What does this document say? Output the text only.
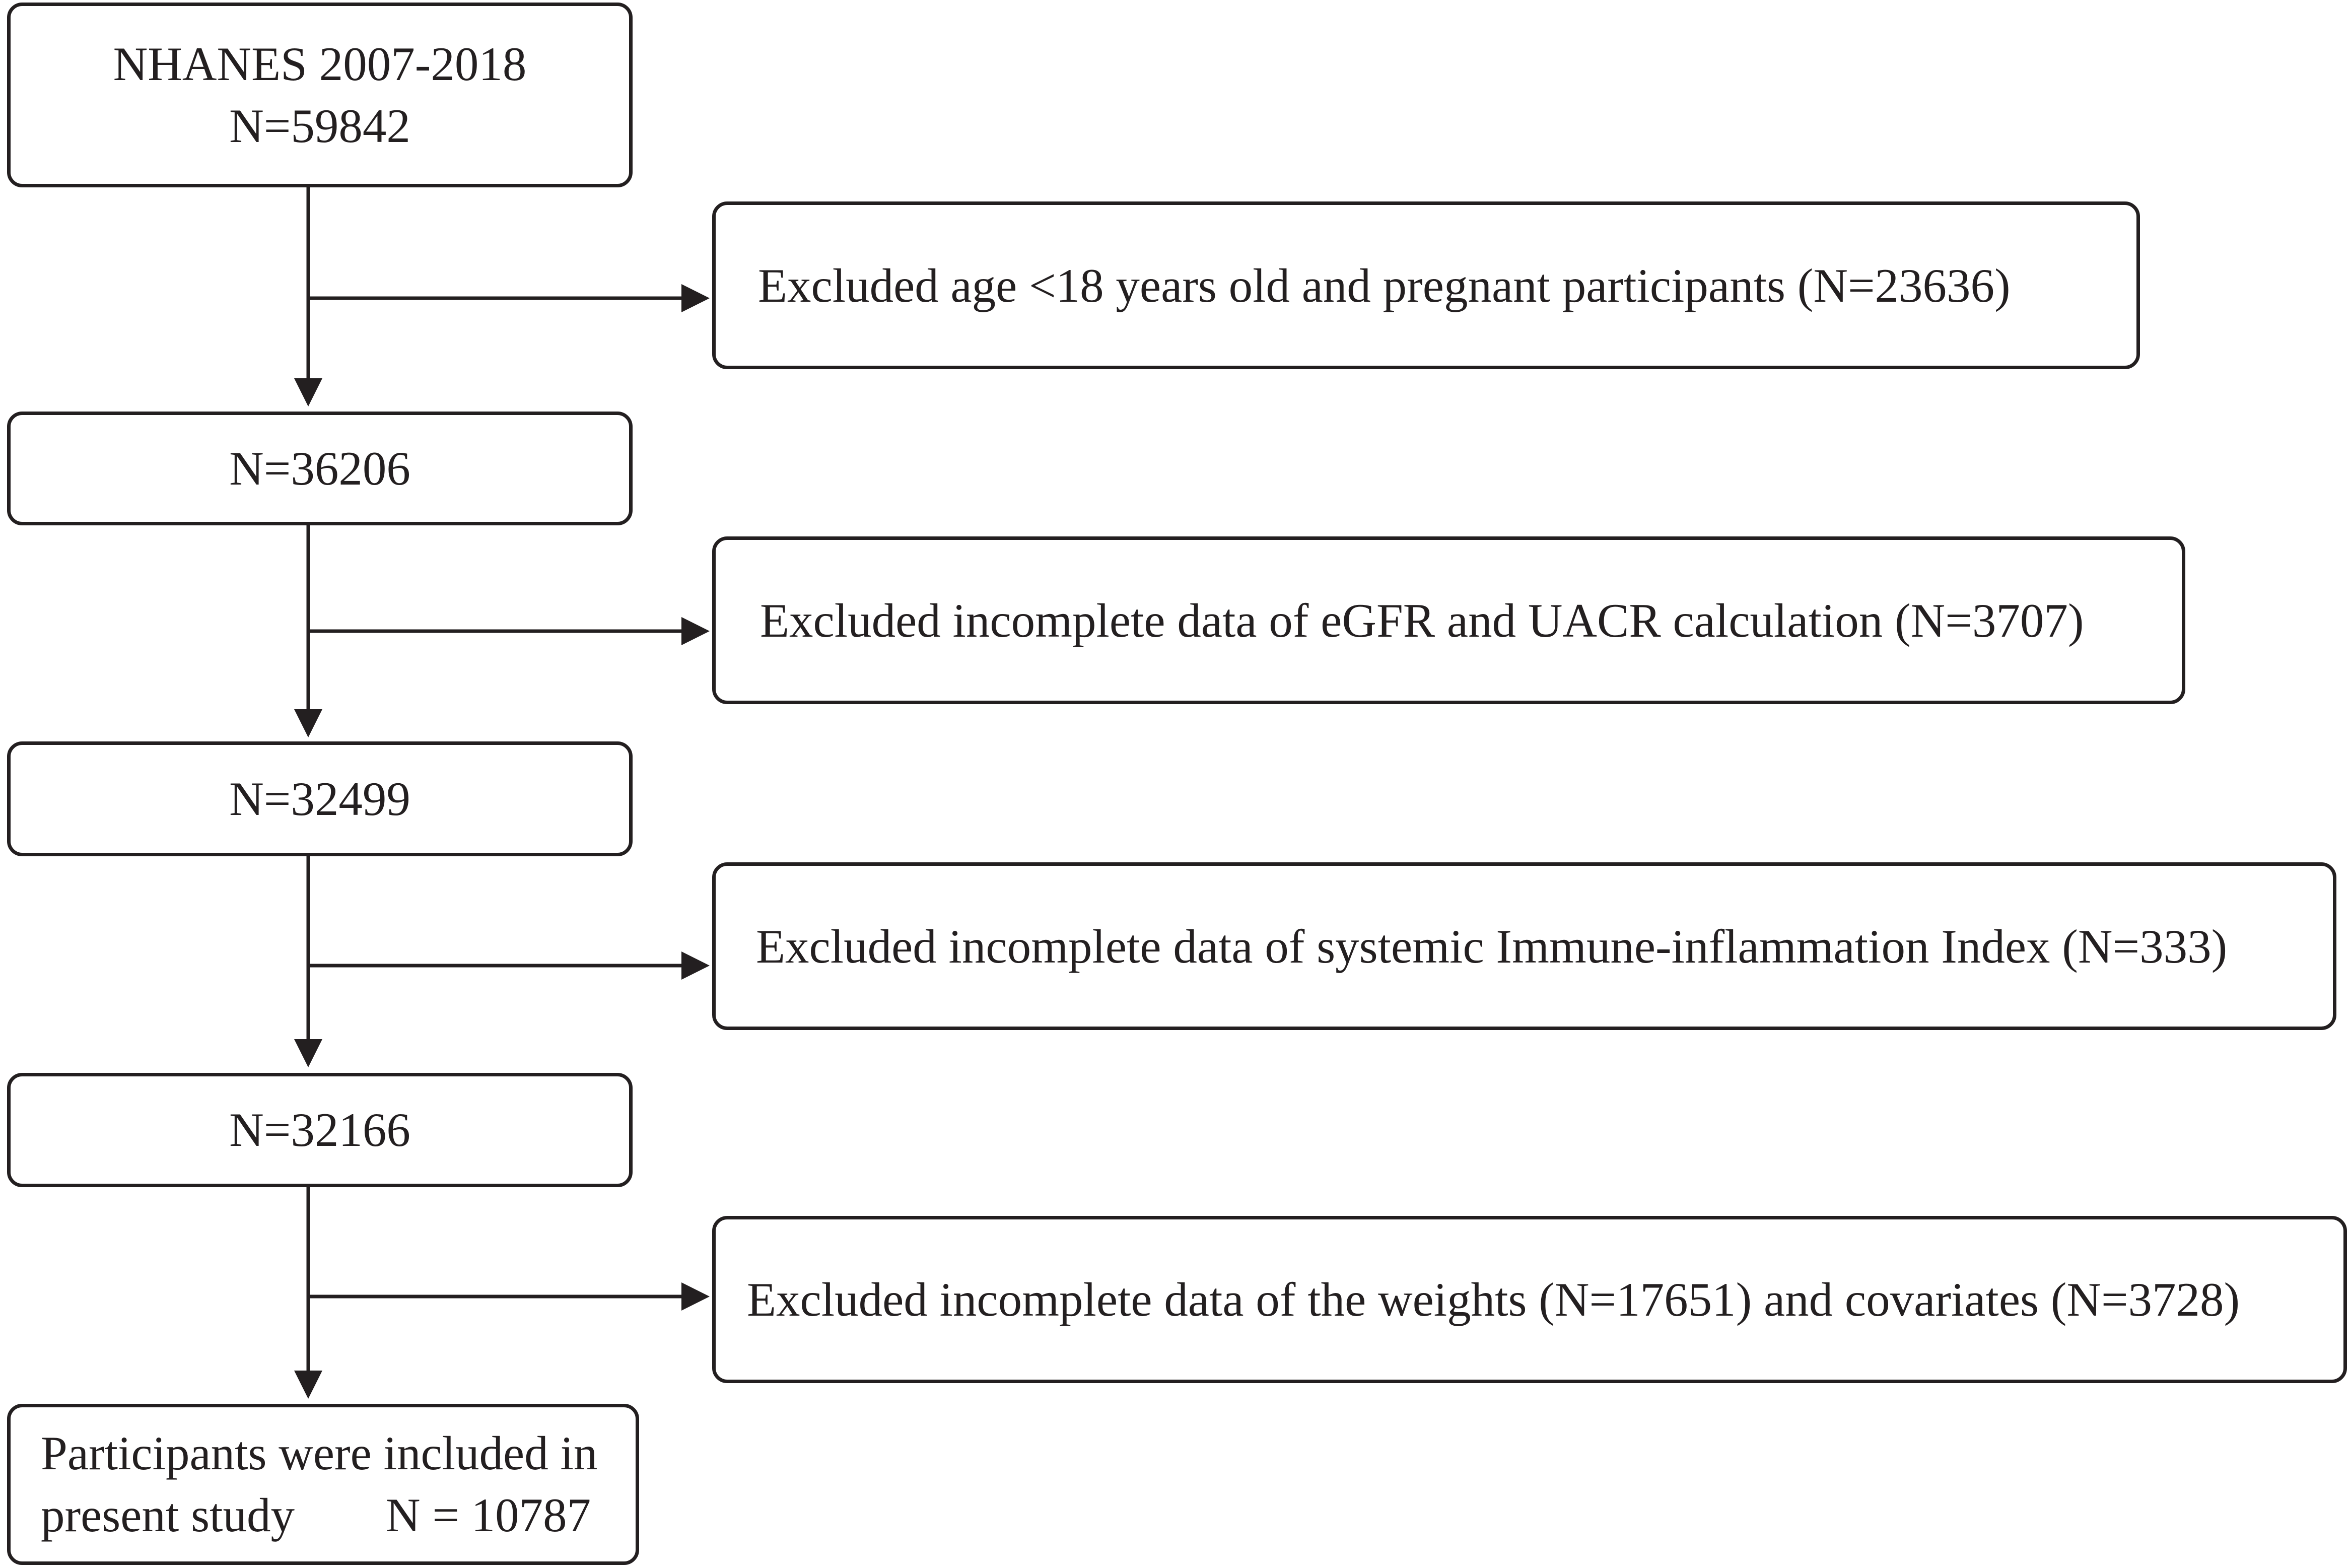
NHANES 2007-2018
N=59842
Excluded age <18 years old and pregnant participants (N=23636)
N=36206
Excluded incomplete data of eGFR and UACR calculation (N=3707)
N=32499
Excluded incomplete data of systemic Immune-inflammation Index (N=333)
N=32166
Excluded incomplete data of the weights (N=17651) and covariates (N=3728)
Participants were included in
present study	N = 10787
